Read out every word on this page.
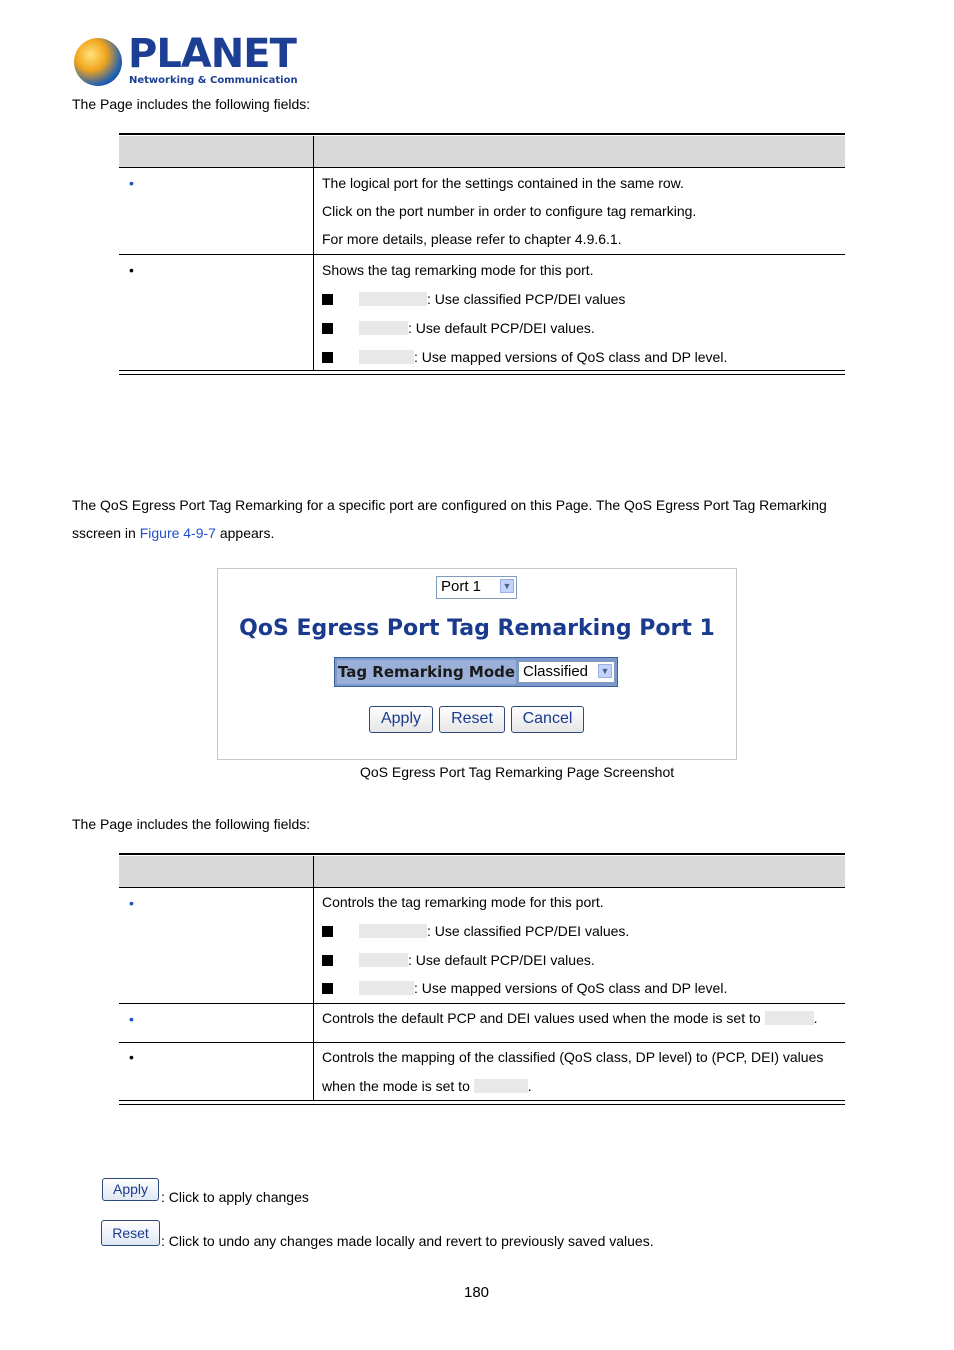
PLANET
Networking & Communication
The Page includes the following fields:
•	The logical port for the settings contained in the same row.
Click on the port number in order to configure tag remarking.
For more details, please refer to chapter 4.9.6.1.
•	Shows the tag remarking mode for this port.
: Use classified PCP/DEI values
: Use default PCP/DEI values.
: Use mapped versions of QoS class and DP level.
The QoS Egress Port Tag Remarking for a specific port are configured on this Page. The QoS Egress Port Tag Remarking
sscreen in Figure 4-9-7 appears.
Port 1 ▼
QoS Egress Port Tag Remarking Port 1
Tag Remarking Mode Classified ▼
Apply	Reset	Cancel
QoS Egress Port Tag Remarking Page Screenshot
The Page includes the following fields:
•	Controls the tag remarking mode for this port.
: Use classified PCP/DEI values.
: Use default PCP/DEI values.
: Use mapped versions of QoS class and DP level.
•	Controls the default PCP and DEI values used when the mode is set to	.
•	Controls the mapping of the classified (QoS class, DP level) to (PCP, DEI) values
when the mode is set to	.
Apply : Click to apply changes
Reset : Click to undo any changes made locally and revert to previously saved values.
180
